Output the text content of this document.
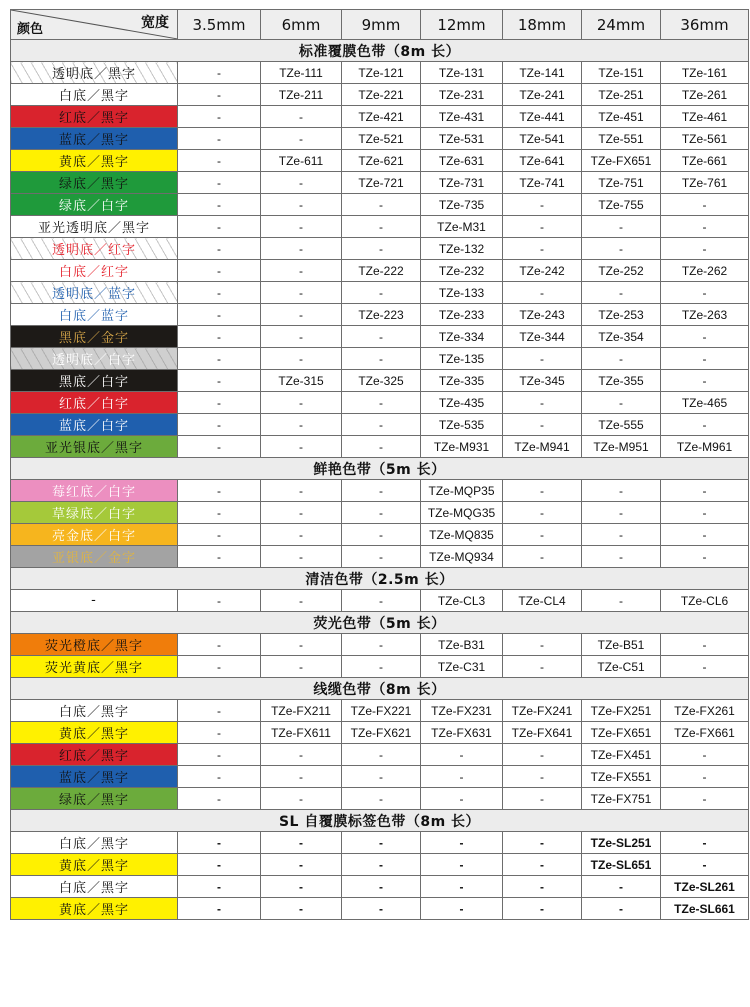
宽度
颜色	3.5mm	6mm	9mm	12mm	18mm	24mm	36mm
标准覆膜色带（8m 长）							
透明底／黑字	-	TZe-111	TZe-121	TZe-131	TZe-141	TZe-151	TZe-161
白底／黑字	-	TZe-211	TZe-221	TZe-231	TZe-241	TZe-251	TZe-261
红底／黑字	-	-	TZe-421	TZe-431	TZe-441	TZe-451	TZe-461
蓝底／黑字	-	-	TZe-521	TZe-531	TZe-541	TZe-551	TZe-561
黄底／黑字	-	TZe-611	TZe-621	TZe-631	TZe-641	TZe-FX651	TZe-661
绿底／黑字	-	-	TZe-721	TZe-731	TZe-741	TZe-751	TZe-761
绿底／白字	-	-	-	TZe-735	-	TZe-755	-
亚光透明底／黑字	-	-	-	TZe-M31	-	-	-
透明底／红字	-	-	-	TZe-132	-	-	-
白底／红字	-	-	TZe-222	TZe-232	TZe-242	TZe-252	TZe-262
透明底／蓝字	-	-	-	TZe-133	-	-	-
白底／蓝字	-	-	TZe-223	TZe-233	TZe-243	TZe-253	TZe-263
黑底／金字	-	-	-	TZe-334	TZe-344	TZe-354	-
透明底／白字	-	-	-	TZe-135	-	-	-
黑底／白字	-	TZe-315	TZe-325	TZe-335	TZe-345	TZe-355	-
红底／白字	-	-	-	TZe-435	-	-	TZe-465
蓝底／白字	-	-	-	TZe-535	-	TZe-555	-
亚光银底／黑字	-	-	-	TZe-M931	TZe-M941	TZe-M951	TZe-M961
鲜艳色带（5m 长）							
莓红底／白字	-	-	-	TZe-MQP35	-	-	-
草绿底／白字	-	-	-	TZe-MQG35	-	-	-
亮金底／白字	-	-	-	TZe-MQ835	-	-	-
亚银底／金字	-	-	-	TZe-MQ934	-	-	-
清洁色带（2.5m 长）							
-	-	-	-	TZe-CL3	TZe-CL4	-	TZe-CL6
荧光色带（5m 长）							
荧光橙底／黑字	-	-	-	TZe-B31	-	TZe-B51	-
荧光黄底／黑字	-	-	-	TZe-C31	-	TZe-C51	-
线缆色带（8m 长）							
白底／黑字	-	TZe-FX211	TZe-FX221	TZe-FX231	TZe-FX241	TZe-FX251	TZe-FX261
黄底／黑字	-	TZe-FX611	TZe-FX621	TZe-FX631	TZe-FX641	TZe-FX651	TZe-FX661
红底／黑字	-	-	-	-	-	TZe-FX451	-
蓝底／黑字	-	-	-	-	-	TZe-FX551	-
绿底／黑字	-	-	-	-	-	TZe-FX751	-
SL 自覆膜标签色带（8m 长）							
白底／黑字	-	-	-	-	-	TZe-SL251	-
黄底／黑字	-	-	-	-	-	TZe-SL651	-
白底／黑字	-	-	-	-	-	-	TZe-SL261
黄底／黑字	-	-	-	-	-	-	TZe-SL661
